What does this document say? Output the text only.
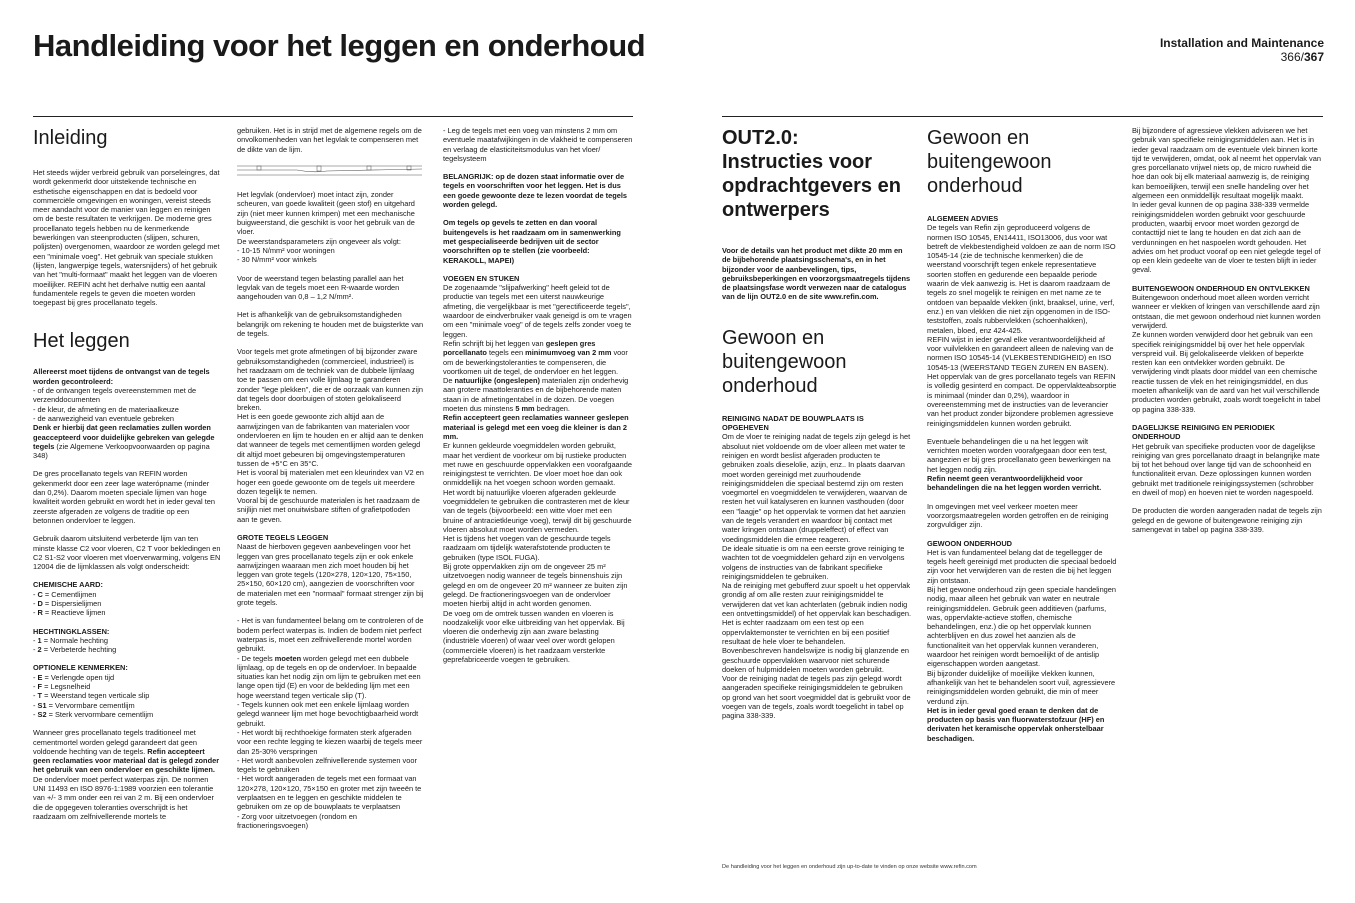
Handleiding voor het leggen en onderhoud	Installation and Maintenance
366/367
Inleiding

Het steeds wijder verbreid gebruik van porseleingres, dat wordt gekenmerkt door uitstekende technische en esthetische eigenschappen en dat is bedoeld voor commerciële omgevingen en woningen, vereist steeds meer aandacht voor de manier van leggen en reinigen om de beste resultaten te verkrijgen. De moderne gres procellanato tegels hebben nu de kenmerkende bewerkingen van steenproducten (slijpen, schuren, polijsten) overgenomen, waardoor ze worden gelegd met een "minimale voeg". Het gebruik van speciale stukken (lijsten, langwerpige tegels, watersnijders) of het gebruik van het "multi-formaat" maakt het leggen van de vloeren moeilijker. REFIN acht het derhalve nuttig een aantal fundamentele regels te geven die moeten worden toegepast bij gres procellanato tegels.

Het leggen
Allereerst moet tijdens de ontvangst van de tegels worden gecontroleerd:
- of de ontvangen tegels overeenstemmen met de verzenddocumenten
- de kleur, de afmeting en de materiaalkeuze
- de aanwezigheid van eventuele gebreken

Denk er hierbij dat geen reclamaties zullen worden geaccepteerd voor duidelijke gebreken van gelegde tegels (zie Algemene Verkoopvoorwaarden op pagina 348)

De gres procellanato tegels van REFIN worden gekenmerkt door een zeer lage waterópname (minder dan 0,2%). Daarom moeten speciale lijmen van hoge kwaliteit worden gebruikt en wordt het in ieder geval ten zeerste afgeraden ze volgens de traditie op een betonnen ondervloer te leggen.

Gebruik daarom uitsluitend verbeterde lijm van ten minste klasse C2 voor vloeren, C2 T voor bekledingen en C2 S1-S2 voor vloeren met vloerverwarming, volgens EN 12004 die de lijmklassen als volgt onderscheidt:

CHEMISCHE AARD:
- C = Cementlijmen
- D = Dispersielijmen
- R = Reactieve lijmen
HECHTINGKLASSEN:
- 1 = Normale hechting
- 2 = Verbeterde hechting
OPTIONELE KENMERKEN:
- E = Verlengde open tijd
- F = Legsnelheid
- T = Weerstand tegen verticale slip
- S1 = Vervormbare cementlijm
- S2 = Sterk vervormbare cementlijm
Wanneer gres procellanato tegels traditioneel met cementmortel worden gelegd garandeert dat geen voldoende hechting van de tegels. Refin accepteert geen reclamaties voor materiaal dat is gelegd zonder het gebruik van een ondervloer en geschikte lijmen.
De ondervloer moet perfect waterpas zijn. De normen UNI 11493 en ISO 8976-1:1989 voorzien een tolerantie van +/- 3 mm onder een rei van 2 m. Bij een ondervloer die de opgegeven toleranties overschrijdt is het raadzaam om zelfnivellerende mortels te
gebruiken. Het is in strijd met de algemene regels om de onvolkomenheden van het legvlak te compenseren met de dikte van de lijm.

Het legvlak (ondervloer) moet intact zijn, zonder scheuren, van goede kwaliteit (geen stof) en uitgehard zijn (niet meer kunnen krimpen) met een mechanische buigweerstand, die geschikt is voor het gebruik van de vloer.
De weerstandsparameters zijn ongeveer als volgt:
- 10-15 N/mm² voor woningen
- 30 N/mm² voor winkels

Voor de weerstand tegen belasting parallel aan het legvlak van de tegels moet een R-waarde worden aangehouden van 0,8 – 1,2 N/mm².

Het is afhankelijk van de gebruiksomstandigheden belangrijk om rekening te houden met de buigsterkte van de tegels.

Voor tegels met grote afmetingen of bij bijzonder zware gebruiksomstandigheden (commercieel, industrieel) is het raadzaam om de techniek van de dubbele lijmlaag toe te passen om een volle lijmlaag te garanderen zonder "lege plekken", die er de oorzaak van kunnen zijn dat tegels door doorbuigen of stoten gelokaliseerd breken.
Het is een goede gewoonte zich altijd aan de aanwijzingen van de fabrikanten van materialen voor ondervloeren en lijm te houden en er altijd aan te denken dat wanneer de tegels met cementlijmen worden gelegd dit altijd moet gebeuren bij omgevingstemperaturen tussen de +5°C en 35°C.
Het is vooral bij materialen met een kleurindex van V2 en hoger een goede gewoonte om de tegels uit meerdere dozen tegelijk te nemen.
Vooral bij de geschuurde materialen is het raadzaam de snijlijn niet met onuitwisbare stiften of grafietpotloden aan te geven.

GROTE TEGELS LEGGEN

Naast de hierboven gegeven aanbevelingen voor het leggen van gres procellanato tegels zijn er ook enkele aanwijzingen waaraan men zich moet houden bij het leggen van grote tegels (120×278, 120×120, 75×150, 25×150, 60×120 cm), aangezien de voorschriften voor de materialen met een "normaal" formaat strenger zijn bij grote tegels.

- Het is van fundamenteel belang om te controleren of de bodem perfect waterpas is. Indien de bodem niet perfect waterpas is, moet een zelfnivellerende mortel worden gebruikt.
- De tegels moeten worden gelegd met een dubbele lijmlaag, op de tegels en op de ondervloer. In bepaalde situaties kan het nodig zijn om lijm te gebruiken met een lange open tijd (E) en voor de bekleding lijm met een hoge weerstand tegen verticale slip (T).
- Tegels kunnen ook met een enkele lijmlaag worden gelegd wanneer lijm met hoge bevochtigbaarheid wordt gebruikt.
- Het wordt bij rechthoekige formaten sterk afgeraden voor een rechte legging te kiezen waarbij de tegels meer dan 25-30% verspringen
- Het wordt aanbevolen zelfnivellerende systemen voor tegels te gebruiken
- Het wordt aangeraden de tegels met een formaat van 120×278, 120×120, 75×150 en groter met zijn tweeën te verplaatsen en te leggen en geschikte middelen te gebruiken om ze op de bouwplaats te verplaatsen
- Zorg voor uitzetvoegen (rondom en fractioneringsvoegen)

- Leg de tegels met een voeg van minstens 2 mm om eventuele maatafwijkingen in de vlakheid te compenseren en verlaag de elasticiteitsmodulus van het vloer/ tegelsysteem

BELANGRIJK: op de dozen staat informatie over de tegels en voorschriften voor het leggen. Het is dus een goede gewoonte deze te lezen voordat de tegels worden gelegd.

Om tegels op gevels te zetten en dan vooral buitengevels is het raadzaam om in samenwerking met gespecialiseerde bedrijven uit de sector voorschriften op te stellen (zie voorbeeld: KERAKOLL, MAPEI)

VOEGEN EN STUKEN
De zogenaamde "slijpafwerking" heeft geleid tot de productie van tegels met een uiterst nauwkeurige afmeting, die vergelijkbaar is met "gerectificeerde tegels", waardoor de eindverbruiker vaak geneigd is om te vragen om een "minimale voeg" of de tegels zelfs zonder voeg te leggen.
Refin schrijft bij het leggen van geslepen gres porcellanato tegels een minimumvoeg van 2 mm voor om de bewerkingstoleranties te compenseren, die voortkomen uit de tegel, de ondervloer en het leggen.
De natuurlijke (ongeslepen) materialen zijn onderhevig aan grotere maattoleranties en de bijbehorende maten staan in de afmetingentabel in de dozen. De voegen moeten dus minstens 5 mm bedragen.
Refin accepteert geen reclamaties wanneer geslepen materiaal is gelegd met een voeg die kleiner is dan 2 mm.
Er kunnen gekleurde voegmiddelen worden gebruikt, maar het verdient de voorkeur om bij rustieke producten met ruwe en geschuurde oppervlakken een voorafgaande reinigingstest te verrichten. De vloer moet hoe dan ook onmiddellijk na het voegen schoon worden gemaakt.
Het wordt bij natuurlijke vloeren afgeraden gekleurde voegmiddelen te gebruiken die contrasteren met de kleur van de tegels (bijvoorbeeld: een witte vloer met een bruine of antracietkleurige voeg), terwijl dit bij geschuurde vloeren absoluut moet worden vermeden.
Het is tijdens het voegen van de geschuurde tegels raadzaam om tijdelijk waterafstotende producten te gebruiken (type ISOL FUGA).
Bij grote oppervlakken zijn om de ongeveer 25 m² uitzetvoegen nodig wanneer de tegels binnenshuis zijn gelegd en om de ongeveer 20 m² wanneer ze buiten zijn gelegd. De fractioneringsvoegen van de ondervloer moeten hierbij altijd in acht worden genomen.
De voeg om de omtrek tussen wanden en vloeren is noodzakelijk voor elke uitbreiding van het oppervlak. Bij vloeren die onderhevig zijn aan zware belasting (industriële vloeren) of waar veel over wordt gelopen (commerciële vloeren) is het raadzaam versterkte geprefabriceerde voegen te gebruiken.
OUT2.0:
Instructies voor opdrachtgevers en ontwerpers

Voor de details van het product met dikte 20 mm en de bijbehorende plaatsingsschema's, en in het bijzonder voor de aanbevelingen, tips, gebruiksbeperkingen en voorzorgsmaatregels tijdens de plaatsingsfase wordt verwezen naar de catalogus van de lijn OUT2.0 en de site www.refin.com.

Gewoon en buitengewoon onderhoud
REINIGING NADAT DE BOUWPLAATS IS OPGEHEVEN
Om de vloer te reiniging nadat de tegels zijn gelegd is het absoluut niet voldoende om de vloer alleen met water te reinigen en wordt beslist afgeraden producten te gebruiken zoals dieselolie, azijn, enz.. In plaats daarvan moet worden gereinigd met zuurhoudende reinigingsmiddelen die speciaal bestemd zijn om resten voegmortel en voegmiddelen te verwijderen, waarvan de resten het vuil katalyseren en kunnen vasthouden (door een "laagje" op het oppervlak te vormen dat het aanzien van de tegels verandert en waardoor bij contact met water kringen ontstaan (druppeleffect) of effect van voedingsmiddelen die ermee reageren.
De ideale situatie is om na een eerste grove reiniging te wachten tot de voegmiddelen gehard zijn en vervolgens volgens de instructies van de fabrikant specifieke reinigingsmiddelen te gebruiken.
Na de reiniging met gebufferd zuur spoelt u het oppervlak grondig af om alle resten zuur reinigingsmiddel te verwijderen dat vet kan achterlaten (gebruik indien nodig een ontvettingsmiddel) of het oppervlak kan beschadigen.
Het is echter raadzaam om een test op een oppervlaktemonster te verrichten en bij een positief resultaat de hele vloer te behandelen.
Bovenbeschreven handelswijze is nodig bij glanzende en geschuurde oppervlakken waarvoor niet schurende doeken of hulpmiddelen moeten worden gebruikt.
Voor de reiniging nadat de tegels pas zijn gelegd wordt aangeraden specifieke reinigingsmiddelen te gebruiken op grond van het soort voegmiddel dat is gebruikt voor de voegen van de tegels, zoals wordt toegelicht in tabel op pagina 338-339.
Gewoon en buitengewoon onderhoud
ALGEMEEN ADVIES

De tegels van Refin zijn geproduceerd volgens de normen ISO 10545, EN14411, ISO13006, dus voor wat betreft de vlekbestendigheid voldoen ze aan de norm ISO 10545-14 (zie de technische kenmerken) die de weerstand voorschrijft tegen enkele representatieve soorten stoffen en gedurende een bepaalde periode waarin de vlek aanwezig is. Het is daarom raadzaam de tegels zo snel mogelijk te reinigen en met name ze te ontdoen van bepaalde vlekken (inkt, braaksel, urine, verf, enz.) en van vlekken die niet zijn opgenomen in de ISO-teststoffen, zoals rubbervlekken (schoenhakken), metalen, bloed, enz 424-425.
REFIN wijst in ieder geval elke verantwoordelijkheid af voor vuilvlekken en garandeert alleen de naleving van de normen ISO 10545-14 (VLEKBESTENDIGHEID) en ISO 10545-13 (WEERSTAND TEGEN ZUREN EN BASEN).
Het oppervlak van de gres porcellanato tegels van REFIN is volledig gesinterd en compact. De oppervlakteabsorptie is minimaal (minder dan 0,2%), waardoor in overeenstemming met de instructies van de leverancier van het product zonder bijzondere problemen agressieve reinigingsmiddelen kunnen worden gebruikt.

Eventuele behandelingen die u na het leggen wilt verrichten moeten worden voorafgegaan door een test, aangezien er bij gres procellanato geen bewerkingen na het leggen nodig zijn.
Refin neemt geen verantwoordelijkheid voor behandelingen die na het leggen worden verricht.

In omgevingen met veel verkeer moeten meer voorzorgsmaatregelen worden getroffen en de reiniging zorgvuldiger zijn.

GEWOON ONDERHOUD
Het is van fundamenteel belang dat de tegellegger de tegels heeft gereinigd met producten die speciaal bedoeld zijn voor het verwijderen van de resten die bij het leggen zijn ontstaan.
Bij het gewone onderhoud zijn geen speciale handelingen nodig, maar alleen het gebruik van water en neutrale reinigingsmiddelen. Gebruik geen additieven (parfums, was, oppervlakte-actieve stoffen, chemische behandelingen, enz.) die op het oppervlak kunnen achterblijven en dus zowel het aanzien als de functionaliteit van het oppervlak kunnen veranderen, waardoor het reinigen wordt bemoeilijkt of de antislip eigenschappen worden aangetast.
Bij bijzonder duidelijke of moeilijke vlekken kunnen, afhankelijk van het te behandelen soort vuil, agressievere reinigingsmiddelen worden gebruikt, die min of meer verdund zijn.
Het is in ieder geval goed eraan te denken dat de producten op basis van fluorwaterstofzuur (HF) en derivaten het keramische oppervlak onherstelbaar beschadigen.

Bij bijzondere of agressieve vlekken adviseren we het gebruik van specifieke reinigingsmiddelen aan. Het is in ieder geval raadzaam om de eventuele vlek binnen korte tijd te verwijderen, omdat, ook al neemt het oppervlak van gres porcellanato vrijwel niets op, de micro ruwheid die hoe dan ook bij elk materiaal aanwezig is, de reiniging kan bemoeilijken, terwijl een snelle handeling over het algemeen een onmiddellijk resultaat mogelijk maakt.
In ieder geval kunnen de op pagina 338-339 vermelde reinigingsmiddelen worden gebruikt voor geschuurde producten, waarbij ervoor moet worden gezorgd de contacttijd niet te lang te houden en dat zich aan de verdunningen en het naspoelen wordt gehouden. Het advies om het product vooraf op een niet gelegde tegel of op een klein gedeelte van de vloer te testen blijft in ieder geval.

BUITENGEWOON ONDERHOUD EN ONTVLEKKEN

Buitengewoon onderhoud moet alleen worden verricht wanneer er vlekken of kringen van verschillende aard zijn ontstaan, die met gewoon onderhoud niet kunnen worden verwijderd.
Ze kunnen worden verwijderd door het gebruik van een specifiek reinigingsmiddel bij over het hele oppervlak verspreid vuil. Bij gelokaliseerde vlekken of beperkte resten kan een ontvlekker worden gebruikt. De verwijdering vindt plaats door middel van een chemische reactie tussen de vlek en het reinigingsmiddel, en dus moeten afhankelijk van de aard van het vuil verschillende producten worden gebruikt, zoals wordt toegelicht in tabel op pagina 338-339.

DAGELIJKSE REINIGING EN PERIODIEK ONDERHOUD

Het gebruik van specifieke producten voor de dagelijkse reiniging van gres porcellanato draagt in belangrijke mate bij tot het behoud over lange tijd van de schoonheid en functionaliteit ervan. Deze oplossingen kunnen worden gebruikt met traditionele reinigingssystemen (schrobber en dweil of mop) en hoeven niet te worden nagespoeld.

De producten die worden aangeraden nadat de tegels zijn gelegd en de gewone of buitengewone reiniging zijn samengevat in tabel op pagina 338-339.

De handleiding voor het leggen en onderhoud zijn up-to-date te vinden op onze website www.refin.com
